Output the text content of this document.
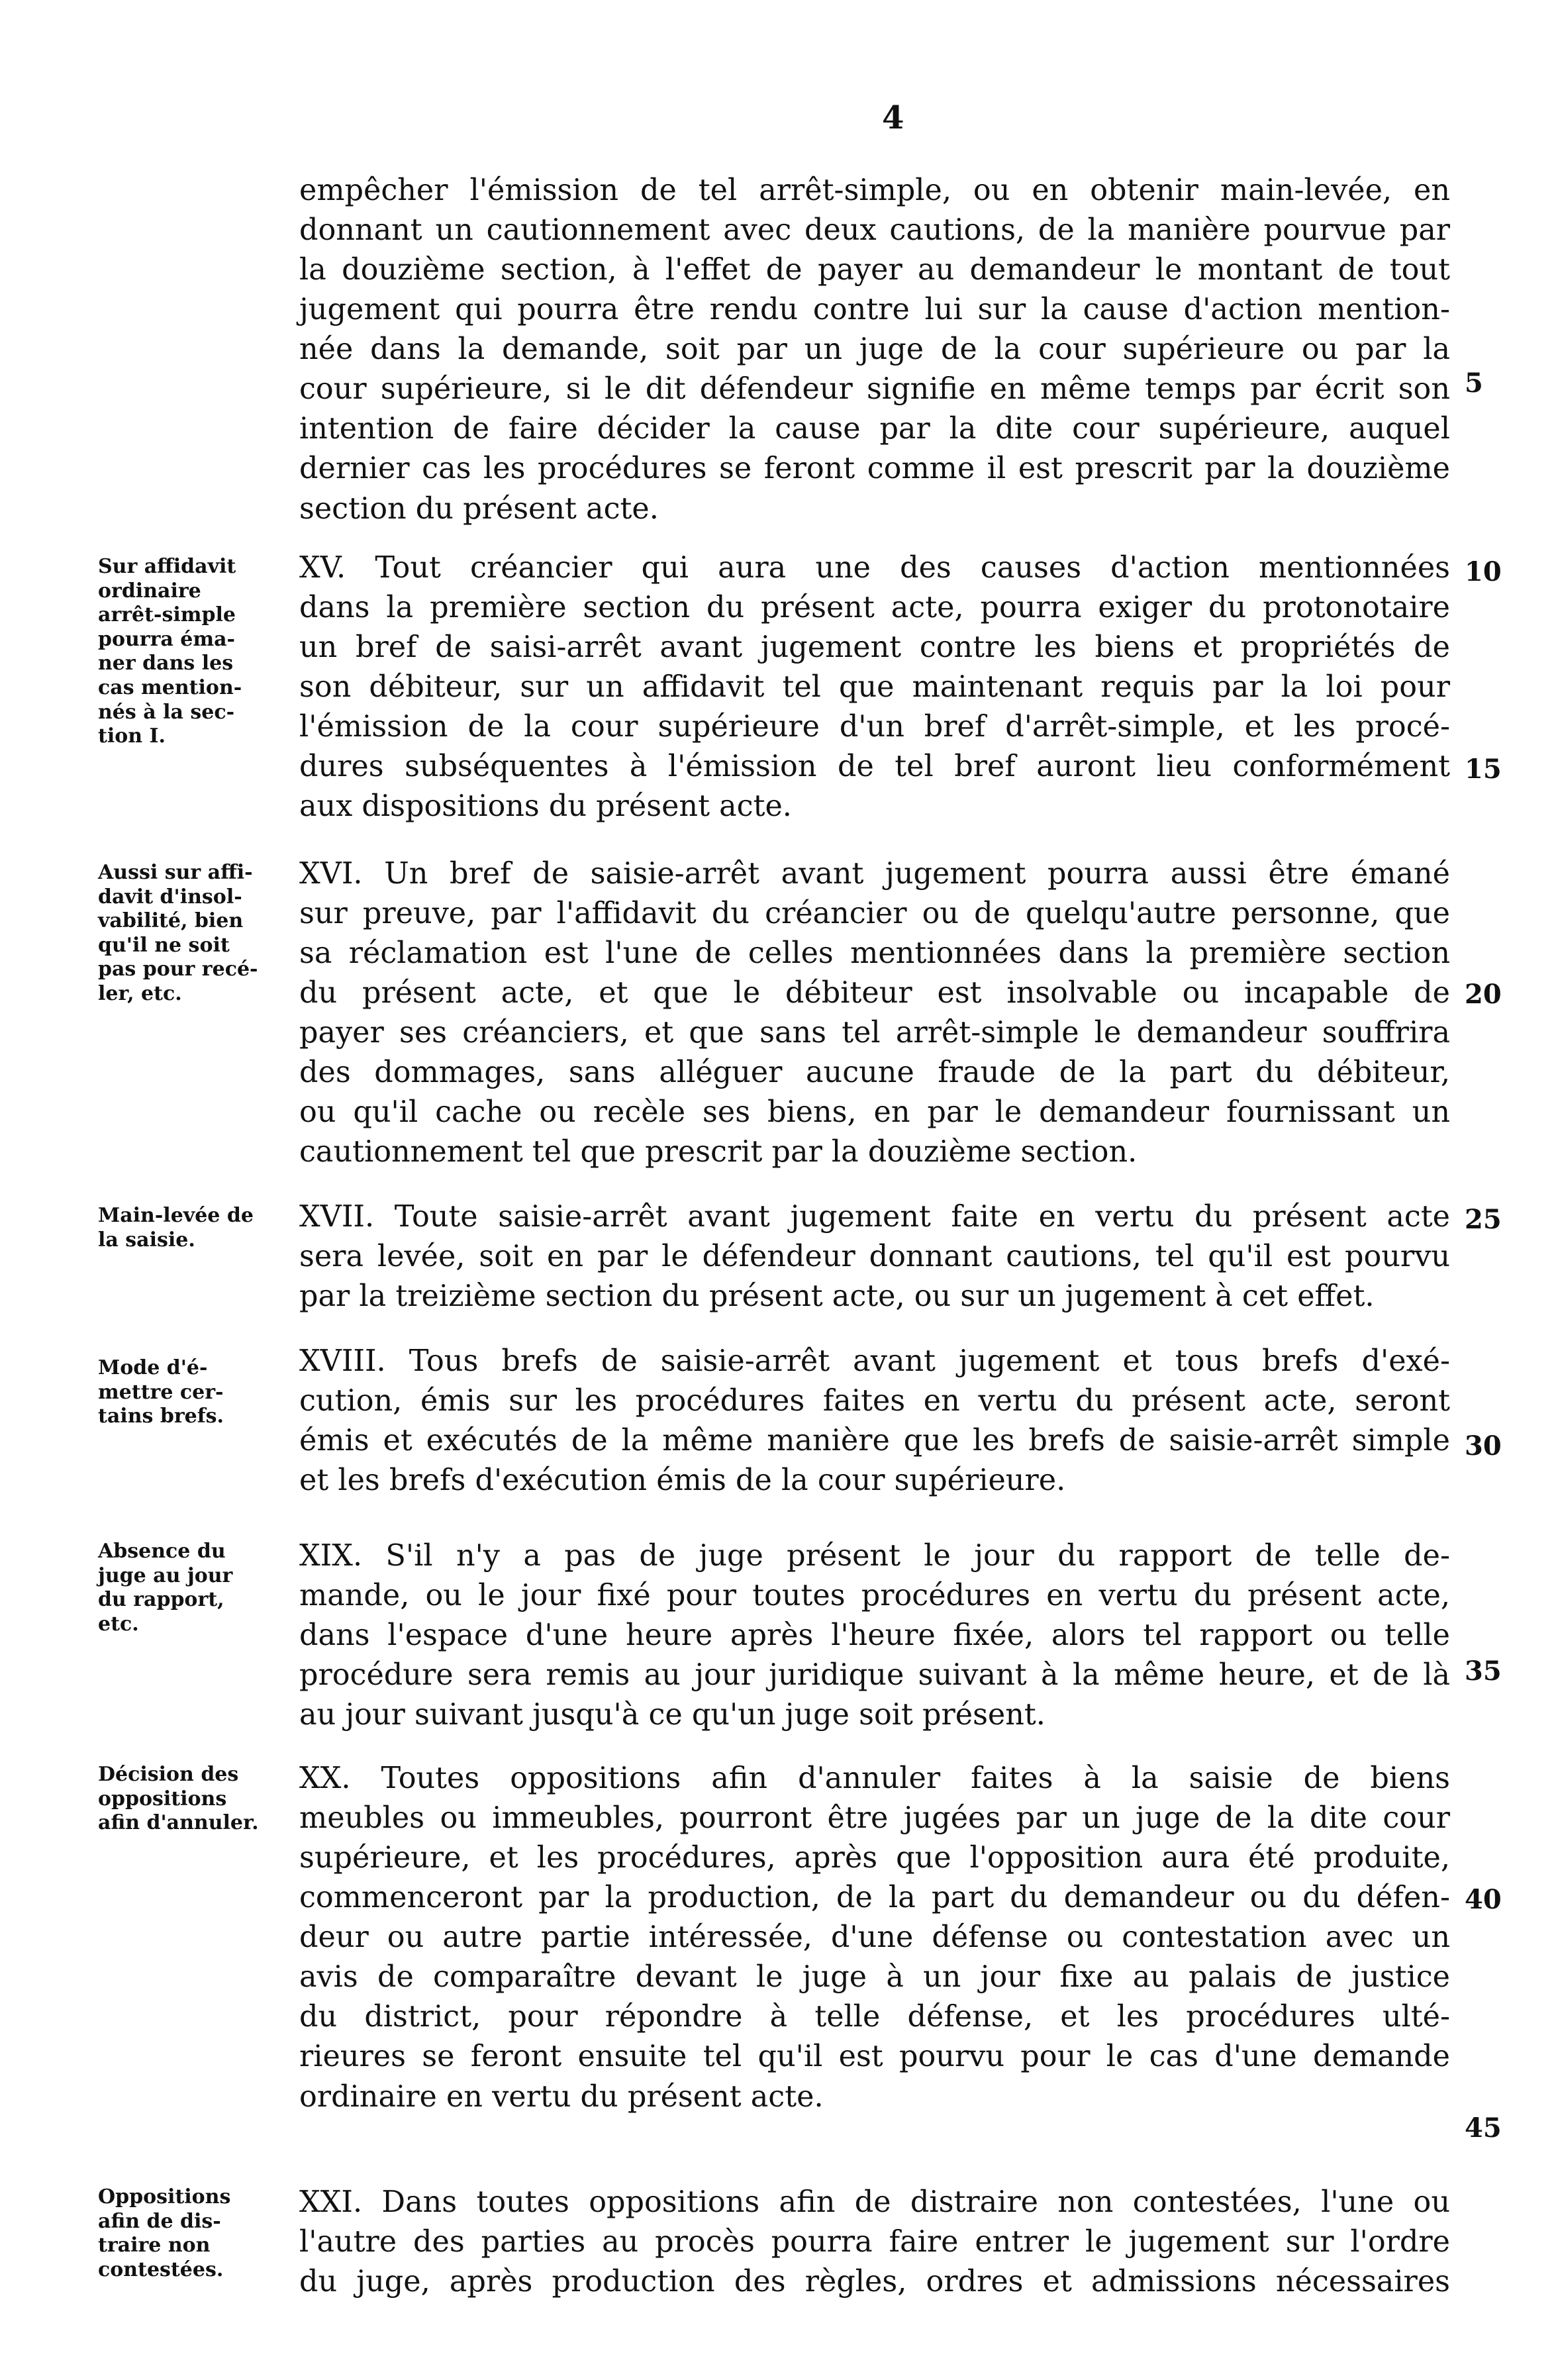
4
empêcher l'émission de tel arrêt-simple, ou en obtenir main-levée, en
donnant un cautionnement avec deux cautions, de la manière pourvue par
la douzième section, à l'effet de payer au demandeur le montant de tout
jugement qui pourra être rendu contre lui sur la cause d'action mention-
née dans la demande, soit par un juge de la cour supérieure ou par la
cour supérieure, si le dit défendeur signifie en même temps par écrit son
intention de faire décider la cause par la dite cour supérieure, auquel
dernier cas les procédures se feront comme il est prescrit par la douzième
section du présent acte.
XV. Tout créancier qui aura une des causes d'action mentionnées
dans la première section du présent acte, pourra exiger du protonotaire
un bref de saisi-arrêt avant jugement contre les biens et propriétés de
son débiteur, sur un affidavit tel que maintenant requis par la loi pour
l'émission de la cour supérieure d'un bref d'arrêt-simple, et les procé-
dures subséquentes à l'émission de tel bref auront lieu conformément
aux dispositions du présent acte.
XVI. Un bref de saisie-arrêt avant jugement pourra aussi être émané
sur preuve, par l'affidavit du créancier ou de quelqu'autre personne, que
sa réclamation est l'une de celles mentionnées dans la première section
du présent acte, et que le débiteur est insolvable ou incapable de
payer ses créanciers, et que sans tel arrêt-simple le demandeur souffrira
des dommages, sans alléguer aucune fraude de la part du débiteur,
ou qu'il cache ou recèle ses biens, en par le demandeur fournissant un
cautionnement tel que prescrit par la douzième section.
XVII. Toute saisie-arrêt avant jugement faite en vertu du présent acte
sera levée, soit en par le défendeur donnant cautions, tel qu'il est pourvu
par la treizième section du présent acte, ou sur un jugement à cet effet.
XVIII. Tous brefs de saisie-arrêt avant jugement et tous brefs d'exé-
cution, émis sur les procédures faites en vertu du présent acte, seront
émis et exécutés de la même manière que les brefs de saisie-arrêt simple
et les brefs d'exécution émis de la cour supérieure.
XIX. S'il n'y a pas de juge présent le jour du rapport de telle de-
mande, ou le jour fixé pour toutes procédures en vertu du présent acte,
dans l'espace d'une heure après l'heure fixée, alors tel rapport ou telle
procédure sera remis au jour juridique suivant à la même heure, et de là
au jour suivant jusqu'à ce qu'un juge soit présent.
XX. Toutes oppositions afin d'annuler faites à la saisie de biens
meubles ou immeubles, pourront être jugées par un juge de la dite cour
supérieure, et les procédures, après que l'opposition aura été produite,
commenceront par la production, de la part du demandeur ou du défen-
deur ou autre partie intéressée, d'une défense ou contestation avec un
avis de comparaître devant le juge à un jour fixe au palais de justice
du district, pour répondre à telle défense, et les procédures ulté-
rieures se feront ensuite tel qu'il est pourvu pour le cas d'une demande
ordinaire en vertu du présent acte.
XXI. Dans toutes oppositions afin de distraire non contestées, l'une ou
l'autre des parties au procès pourra faire entrer le jugement sur l'ordre
du juge, après production des règles, ordres et admissions nécessaires
5
10
15
20
25
30
35
40
45
Sur affidavit
ordinaire
arrêt-simple
pourra éma-
ner dans les
cas mention-
nés à la sec-
tion I.
Aussi sur affi-
davit d'insol-
vabilité, bien
qu'il ne soit
pas pour recé-
ler, etc.
Main-levée de
la saisie.
Mode d'é-
mettre cer-
tains brefs.
Absence du
juge au jour
du rapport,
etc.
Décision des
oppositions
afin d'annuler.
Oppositions
afin de dis-
traire non
contestées.
